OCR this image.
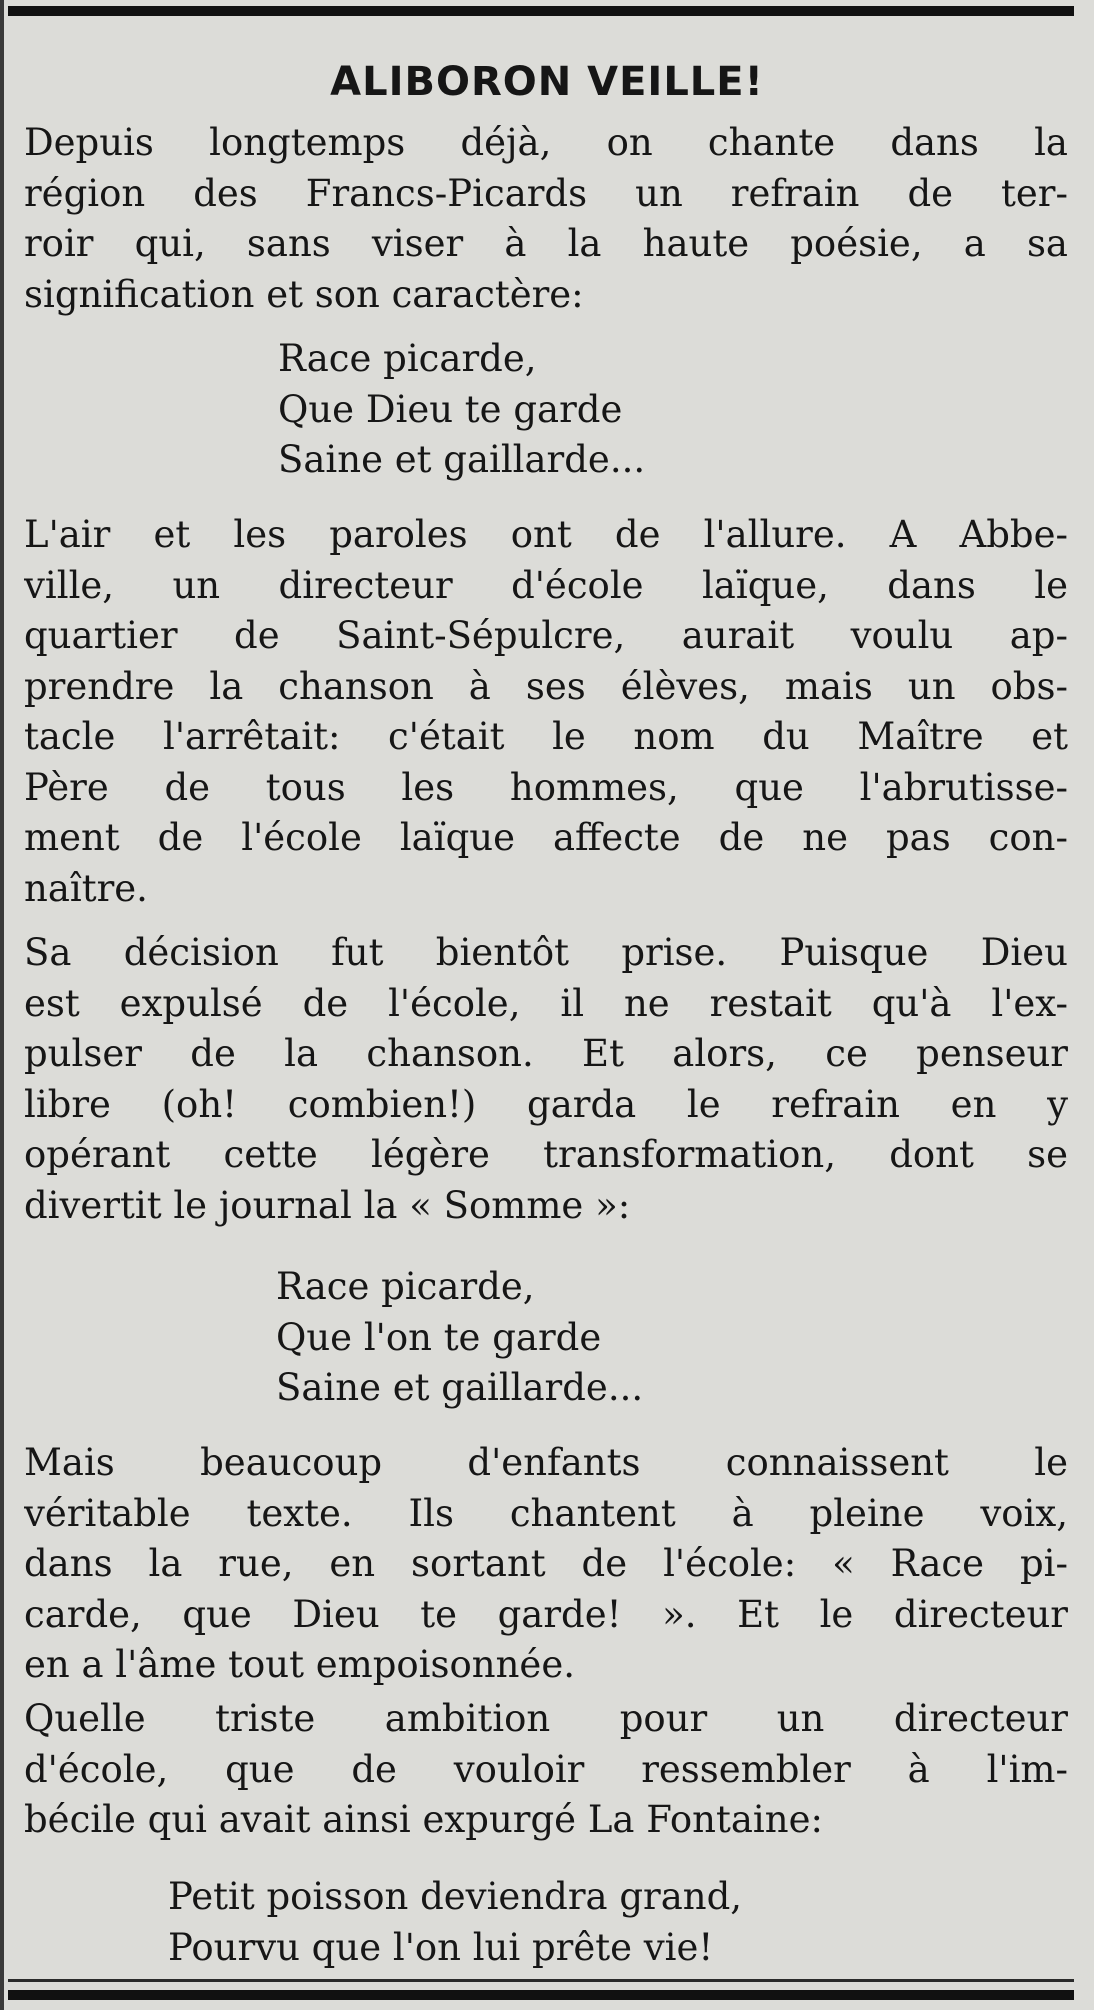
ALIBORON VEILLE!
Depuis longtemps déjà, on chante dans la
région des Francs-Picards un refrain de ter-
roir qui, sans viser à la haute poésie, a sa
signification et son caractère:
Race picarde,
Que Dieu te garde
Saine et gaillarde...
L'air et les paroles ont de l'allure. A Abbe-
ville, un directeur d'école laïque, dans le
quartier de Saint-Sépulcre, aurait voulu ap-
prendre la chanson à ses élèves, mais un obs-
tacle l'arrêtait: c'était le nom du Maître et
Père de tous les hommes, que l'abrutisse-
ment de l'école laïque affecte de ne pas con-
naître.
Sa décision fut bientôt prise. Puisque Dieu
est expulsé de l'école, il ne restait qu'à l'ex-
pulser de la chanson. Et alors, ce penseur
libre (oh! combien!) garda le refrain en y
opérant cette légère transformation, dont se
divertit le journal la « Somme »:
Race picarde,
Que l'on te garde
Saine et gaillarde...
Mais beaucoup d'enfants connaissent le
véritable texte. Ils chantent à pleine voix,
dans la rue, en sortant de l'école: « Race pi-
carde, que Dieu te garde! ». Et le directeur
en a l'âme tout empoisonnée.
Quelle triste ambition pour un directeur
d'école, que de vouloir ressembler à l'im-
bécile qui avait ainsi expurgé La Fontaine:
Petit poisson deviendra grand,
Pourvu que l'on lui prête vie!
